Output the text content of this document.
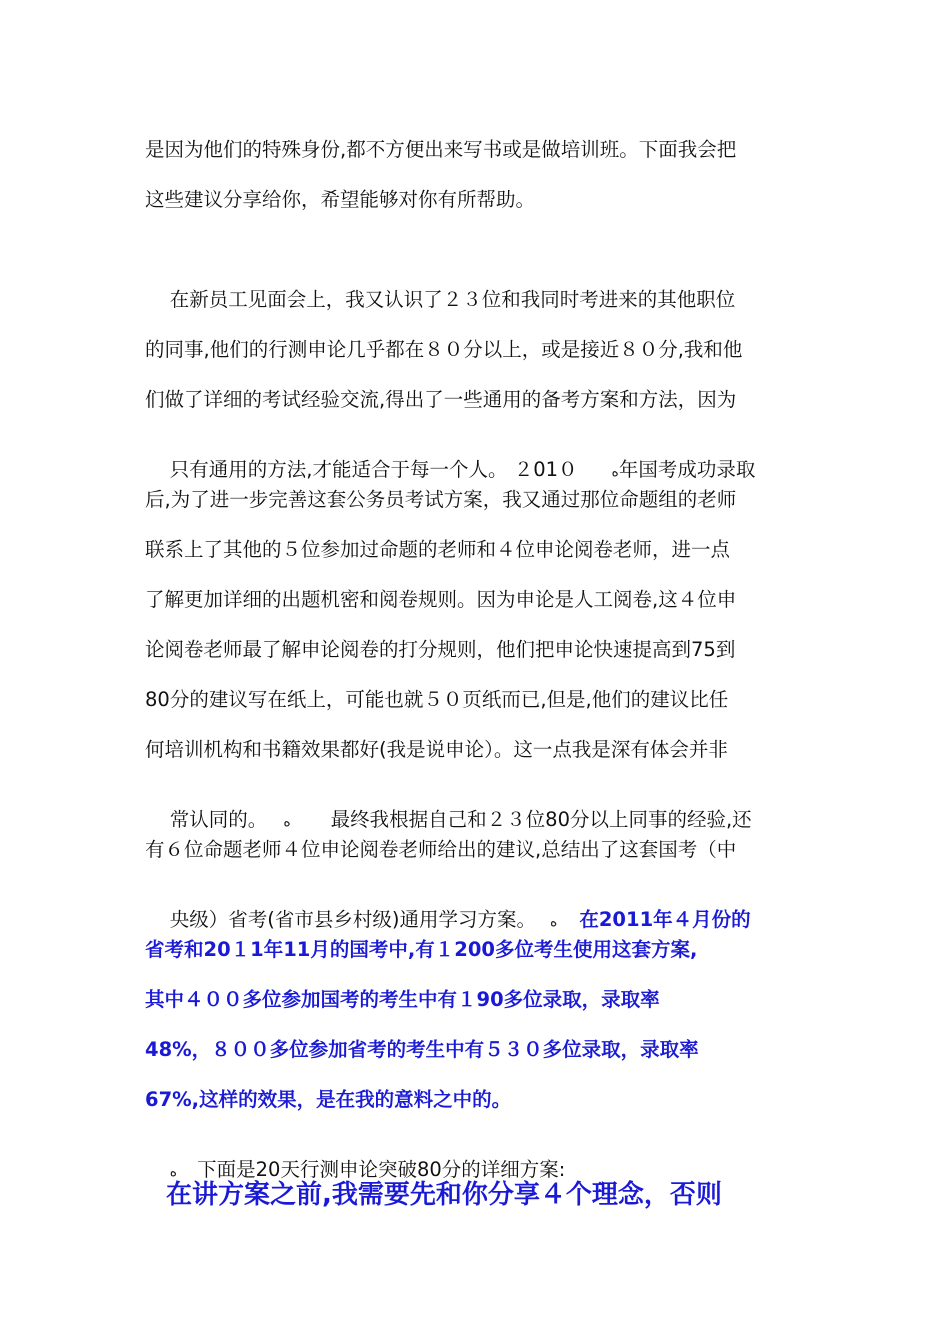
是因为他们的特殊身份,都不方便出来写书或是做培训班。下面我会把
这些建议分享给你，希望能够对你有所帮助。
在新员工见面会上，我又认识了２３位和我同时考进来的其他职位
的同事,他们的行测申论几乎都在８０分以上，或是接近８０分,我和他
们做了详细的考试经验交流,得出了一些通用的备考方案和方法，因为

只有通用的方法,才能适合于每一个人。 ２01０ ﻩ年国考成功录取

后,为了进一步完善这套公务员考试方案，我又通过那位命题组的老师
联系上了其他的５位参加过命题的老师和４位申论阅卷老师，进一点
了解更加详细的出题机密和阅卷规则。因为申论是人工阅卷,这４位申
论阅卷老师最了解申论阅卷的打分规则，他们把申论快速提高到75到
80分的建议写在纸上，可能也就５０页纸而已,但是,他们的建议比任
何培训机构和书籍效果都好(我是说申论）。这一点我是深有体会并非

常认同的。 ﻩ 最终我根据自己和２３位80分以上同事的经验,还

有６位命题老师４位申论阅卷老师给出的建议,总结出了这套国考（中

央级）省考(省市县乡村级)通用学习方案。 ﻩ 在2011年４月份的

省考和20１1年11月的国考中,有１200多位考生使用这套方案,
其中４００多位参加国考的考生中有１90多位录取，录取率
48%，８００多位参加省考的考生中有５３０多位录取，录取率
67%,这样的效果，是在我的意料之中的。

ﻩ 下面是20天行测申论突破80分的详细方案:

在讲方案之前,我需要先和你分享４个理念，否则
